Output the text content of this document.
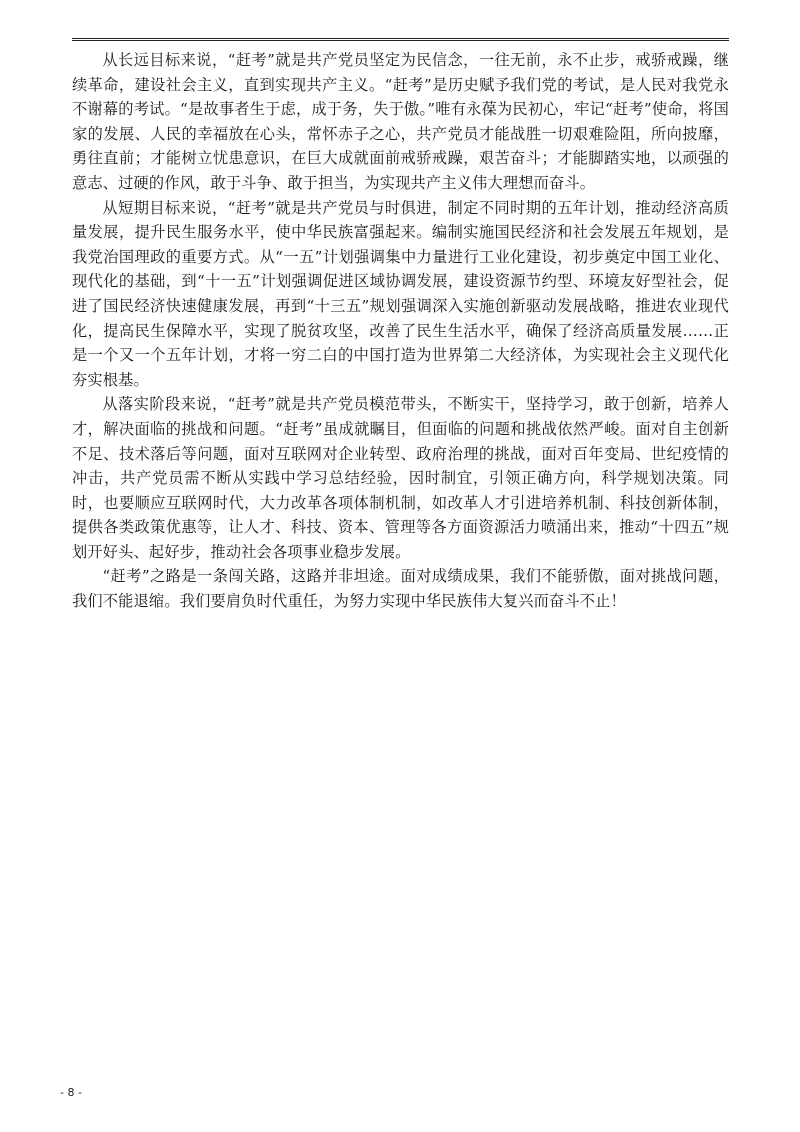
从长远目标来说，“赶考”就是共产党员坚定为民信念，一往无前，永不止步，戒骄戒躁，继续革命，建设社会主义，直到实现共产主义。“赶考”是历史赋予我们党的考试，是人民对我党永不谢幕的考试。“是故事者生于虑，成于务，失于傲。”唯有永葆为民初心，牢记“赶考”使命，将国家的发展、人民的幸福放在心头，常怀赤子之心，共产党员才能战胜一切艰难险阻，所向披靡，勇往直前；才能树立忧患意识，在巨大成就面前戒骄戒躁，艰苦奋斗；才能脚踏实地，以顽强的意志、过硬的作风，敢于斗争、敢于担当，为实现共产主义伟大理想而奋斗。

从短期目标来说，“赶考”就是共产党员与时俱进，制定不同时期的五年计划，推动经济高质量发展，提升民生服务水平，使中华民族富强起来。编制实施国民经济和社会发展五年规划，是我党治国理政的重要方式。从“一五”计划强调集中力量进行工业化建设，初步奠定中国工业化、现代化的基础，到“十一五”计划强调促进区域协调发展，建设资源节约型、环境友好型社会，促进了国民经济快速健康发展，再到“十三五”规划强调深入实施创新驱动发展战略，推进农业现代化，提高民生保障水平，实现了脱贫攻坚，改善了民生生活水平，确保了经济高质量发展……正是一个又一个五年计划，才将一穷二白的中国打造为世界第二大经济体，为实现社会主义现代化夯实根基。

从落实阶段来说，“赶考”就是共产党员模范带头，不断实干，坚持学习，敢于创新，培养人才，解决面临的挑战和问题。“赶考”虽成就瞩目，但面临的问题和挑战依然严峻。面对自主创新不足、技术落后等问题，面对互联网对企业转型、政府治理的挑战，面对百年变局、世纪疫情的冲击，共产党员需不断从实践中学习总结经验，因时制宜，引领正确方向，科学规划决策。同时，也要顺应互联网时代，大力改革各项体制机制，如改革人才引进培养机制、科技创新体制，提供各类政策优惠等，让人才、科技、资本、管理等各方面资源活力喷涌出来，推动“十四五”规划开好头、起好步，推动社会各项事业稳步发展。

“赶考”之路是一条闯关路，这路并非坦途。面对成绩成果，我们不能骄傲，面对挑战问题，我们不能退缩。我们要肩负时代重任，为努力实现中华民族伟大复兴而奋斗不止！

- 8 -
